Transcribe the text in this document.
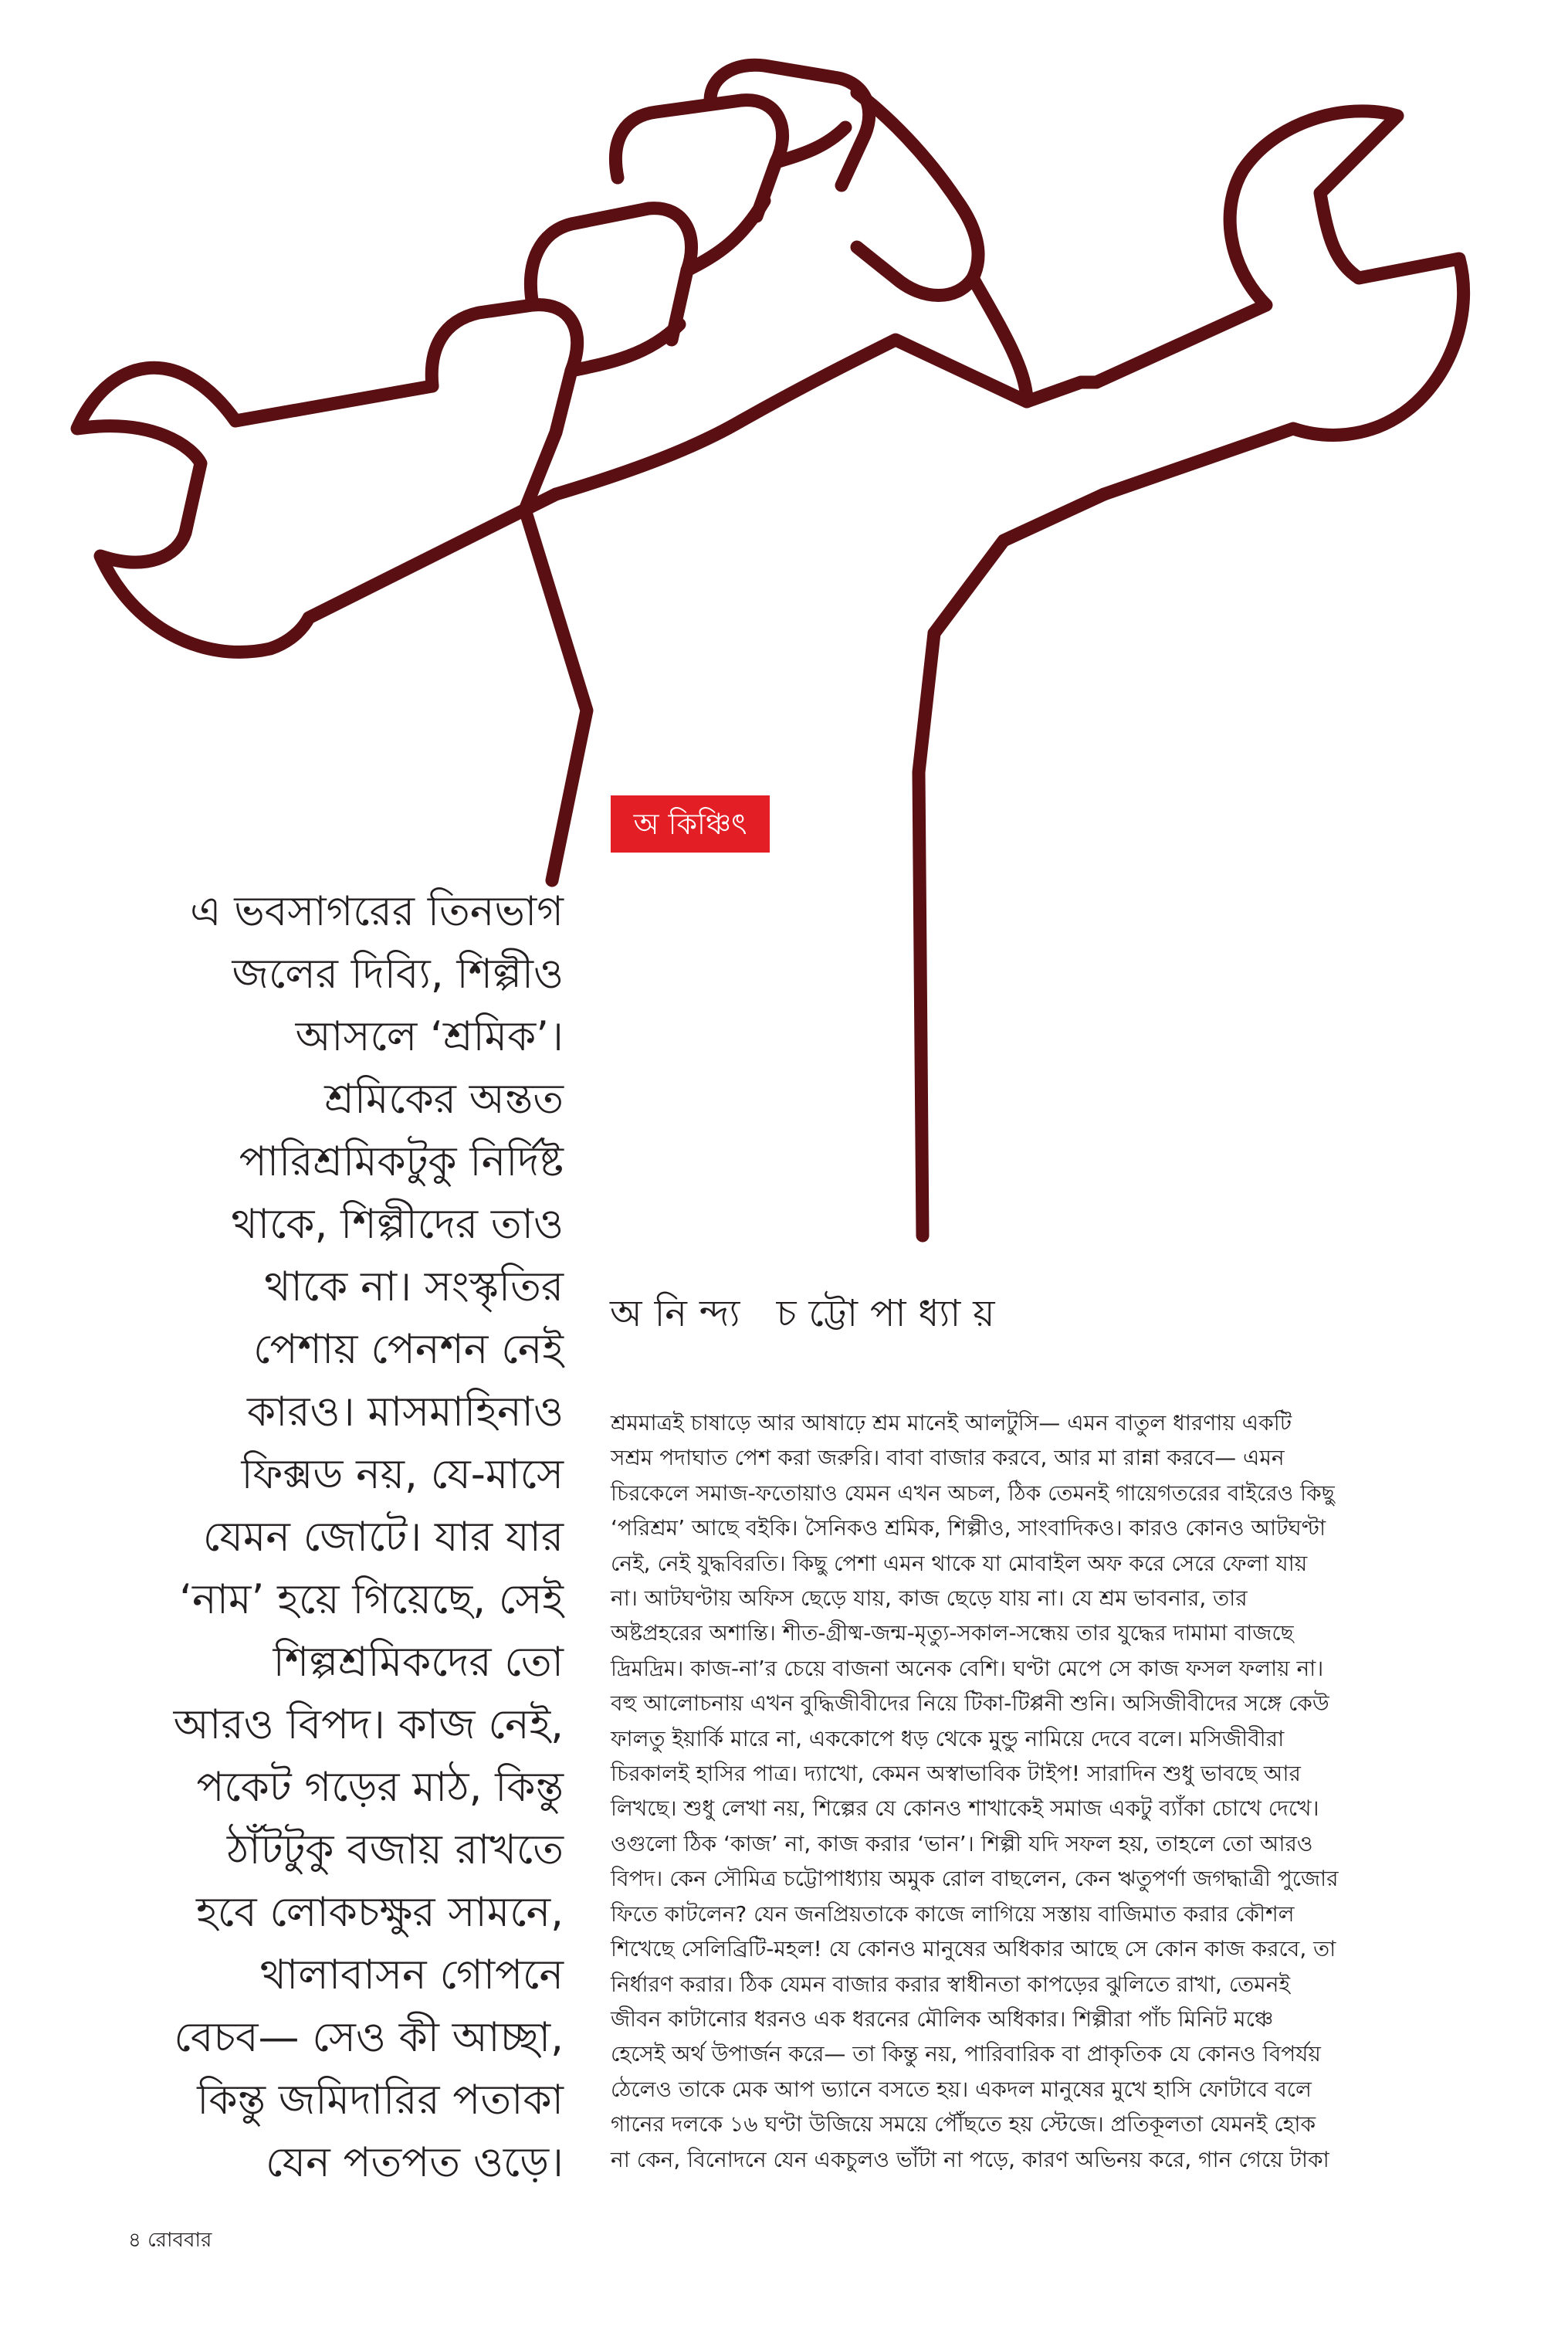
অ কিঞ্চিৎ
এ ভবসাগরের তিনভাগ
জলের দিব্যি, শিল্পীও
আসলে ‘শ্রমিক’।
শ্রমিকের অন্তত
পারিশ্রমিকটুকু নির্দিষ্ট
থাকে, শিল্পীদের তাও
থাকে না। সংস্কৃতির
পেশায় পেনশন নেই
কারও। মাসমাহিনাও
ফিক্সড নয়, যে-মাসে
যেমন জোটে। যার যার
‘নাম’ হয়ে গিয়েছে, সেই
শিল্পশ্রমিকদের তো
আরও বিপদ। কাজ নেই,
পকেট গড়ের মাঠ, কিন্তু
ঠাঁটটুকু বজায় রাখতে
হবে লোকচক্ষুর সামনে,
থালাবাসন গোপনে
বেচব— সেও কী আচ্ছা,
কিন্তু জমিদারির পতাকা
যেন পতপত ওড়ে।
অনিন্দ্য চট্টোপাধ্যায়
শ্রমমাত্রই চাষাড়ে আর আষাঢ়ে শ্রম মানেই আলটুসি— এমন বাতুল ধারণায় একটি
সশ্রম পদাঘাত পেশ করা জরুরি। বাবা বাজার করবে, আর মা রান্না করবে— এমন
চিরকেলে সমাজ-ফতোয়াও যেমন এখন অচল, ঠিক তেমনই গায়েগতরের বাইরেও কিছু
‘পরিশ্রম’ আছে বইকি। সৈনিকও শ্রমিক, শিল্পীও, সাংবাদিকও। কারও কোনও আটঘণ্টা
নেই, নেই যুদ্ধবিরতি। কিছু পেশা এমন থাকে যা মোবাইল অফ করে সেরে ফেলা যায়
না। আটঘণ্টায় অফিস ছেড়ে যায়, কাজ ছেড়ে যায় না। যে শ্রম ভাবনার, তার
অষ্টপ্রহরের অশান্তি। শীত-গ্রীষ্ম-জন্ম-মৃত্যু-সকাল-সন্ধেয় তার যুদ্ধের দামামা বাজছে
দ্রিমদ্রিম। কাজ-না’র চেয়ে বাজনা অনেক বেশি। ঘণ্টা মেপে সে কাজ ফসল ফলায় না।
বহু আলোচনায় এখন বুদ্ধিজীবীদের নিয়ে টিকা-টিপ্পনী শুনি। অসিজীবীদের সঙ্গে কেউ
ফালতু ইয়ার্কি মারে না, এককোপে ধড় থেকে মুন্ডু নামিয়ে দেবে বলে। মসিজীবীরা
চিরকালই হাসির পাত্র। দ্যাখো, কেমন অস্বাভাবিক টাইপ! সারাদিন শুধু ভাবছে আর
লিখছে। শুধু লেখা নয়, শিল্পের যে কোনও শাখাকেই সমাজ একটু ব্যাঁকা চোখে দেখে।
ওগুলো ঠিক ‘কাজ’ না, কাজ করার ‘ভান’। শিল্পী যদি সফল হয়, তাহলে তো আরও
বিপদ। কেন সৌমিত্র চট্টোপাধ্যায় অমুক রোল বাছলেন, কেন ঋতুপর্ণা জগদ্ধাত্রী পুজোর
ফিতে কাটলেন? যেন জনপ্রিয়তাকে কাজে লাগিয়ে সস্তায় বাজিমাত করার কৌশল
শিখেছে সেলিব্রিটি-মহল! যে কোনও মানুষের অধিকার আছে সে কোন কাজ করবে, তা
নির্ধারণ করার। ঠিক যেমন বাজার করার স্বাধীনতা কাপড়ের ঝুলিতে রাখা, তেমনই
জীবন কাটানোর ধরনও এক ধরনের মৌলিক অধিকার। শিল্পীরা পাঁচ মিনিট মঞ্চে
হেসেই অর্থ উপার্জন করে— তা কিন্তু নয়, পারিবারিক বা প্রাকৃতিক যে কোনও বিপর্যয়
ঠেলেও তাকে মেক আপ ভ্যানে বসতে হয়। একদল মানুষের মুখে হাসি ফোটাবে বলে
গানের দলকে ১৬ ঘণ্টা উজিয়ে সময়ে পৌঁছতে হয় স্টেজে। প্রতিকূলতা যেমনই হোক
না কেন, বিনোদনে যেন একচুলও ভাঁটা না পড়ে, কারণ অভিনয় করে, গান গেয়ে টাকা
৪ রোববার
